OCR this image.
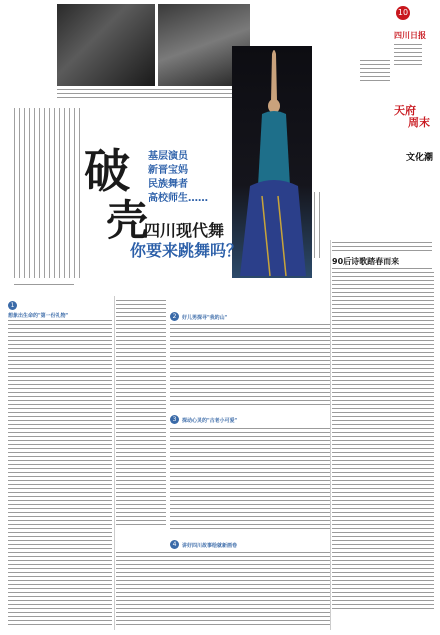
10
四川日报
天府
周末
文化潮
破
壳
基层演员
新晋宝妈
民族舞者
高校师生……
四川现代舞
你要来跳舞吗？
90后诗歌踏春而来
1
想象出生命的"第一份礼物"	2	好儿男探寻"我的山"
3	探动心灵的"古老小可爱"
4	讲好四川故事绘就新画卷
